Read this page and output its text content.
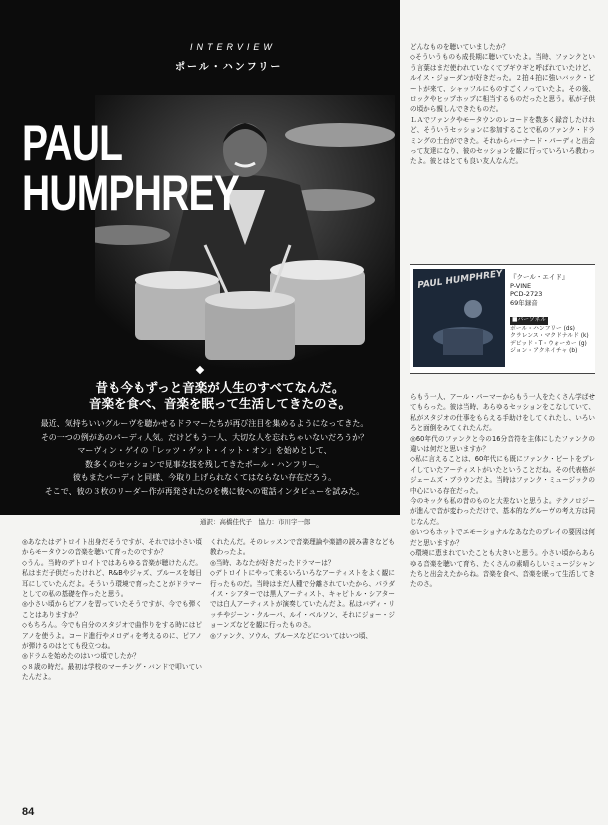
INTERVIEW
ポール・ハンフリー
PAUL
HUMPHREY
昔も今もずっと音楽が人生のすべてなんだ。
音楽を食べ、音楽を眠って生活してきたのさ。
最近、気持ちいいグルーヴを聴かせるドラマーたちが再び注目を集めるようになってきた。
その一つの例があのパーディ人気。だけどもう一人、大切な人を忘れちゃいないだろうか？
マーヴィン・ゲイの「レッツ・ゲット・イット・オン」を始めとして、
数多くのセッションで見事な技を残してきたポール・ハンフリー。
彼もまたパーディと同様、今取り上げられなくてはならない存在だろう。
そこで、彼の３枚のリーダー作が再発されたのを機に彼への電話インタビューを試みた。
通訳：高橋佳代子　協力：市川宇一郎

◎あなたはデトロイト出身だそうですが、それでは小さい頃からモータウンの音楽を聴いて育ったのですか？

◇うん。当時のデトロイトではあらゆる音楽が聴けたんだ。私はまだ子供だったけれど、R&Bやジャズ、ブルースを毎日耳にしていたんだよ。そういう環境で育ったことがドラマーとしての私の基礎を作ったと思う。

◎小さい頃からピアノを習っていたそうですが、今でも弾くことはありますか？

◇もちろん。今でも自分のスタジオで曲作りをする時にはピアノを使うよ。コード進行やメロディを考えるのに、ピアノが弾けるのはとても役立つね。

◎ドラムを始めたのはいつ頃でしたか？

◇８歳の時だ。最初は学校のマーチング・バンドで叩いていたんだよ。

くれたんだ。そのレッスンで音楽理論や楽譜の読み書きなども教わったよ。

◎当時、あなたが好きだったドラマーは？

◇デトロイトにやって来るいろいろなアーティストをよく観に行ったものだ。当時はまだ人種で分離されていたから、パラダイス・シアターでは黒人アーティスト、キャピトル・シアターでは白人アーティストが演奏していたんだよ。私はバディ・リッチやジーン・クルーパ、ルイ・ベルソン、それにジョー・ジョーンズなどを観に行ったものさ。

◎ファンク、ソウル、ブルースなどについてはいつ頃、

どんなものを聴いていましたか？

◇そういうものも成長期に聴いていたよ。当時、ファンクという言葉はまだ使われていなくてブギウギと呼ばれていたけど、ルイス・ジョーダンが好きだった。２拍４拍に強いバック・ビートが来て、シャッフルにものすごくノっていたよ。その後、ロックやヒップホップに相当するものだったと思う。私が子供の頃から親しんできたものだ。

ＬＡでファンクやモータウンのレコードを数多く録音したけれど、そういうセッションに参加することで私のファンク・ドラミングの土台ができた。それからバーナード・パーディと出会って友達になり、彼のセッションを観に行っていろいろ教わったよ。彼とはとても良い友人なんだ。

PAUL HUMPHREY 『クール・エイド』
P-VINE
PCD-2723
69年録音
■パーソネル
ポール・ハンフリー (ds)
クラレンス・マクドナルド (k)
デビッド・T・ウォーカー (g)
ジョン・アクネイチャ (b)

らもう一人、アール・パーマーからもう一人をたくさん学ばせてもらった。彼は当時、あらゆるセッションをこなしていて、私がスタジオの仕事をもらえる手助けをしてくれたし、いろいろと面倒をみてくれたんだ。

◎60年代のファンクと今の16分音符を主体にしたファンクの違いは何だと思いますか？

◇私に言えることは、60年代にも既にファンク・ビートをプレイしていたアーティストがいたということだね。その代表格がジェームズ・ブラウンだよ。当時はファンク・ミュージックの中心にいる存在だった。

今のキックも私の昔のものと大差ないと思うよ。テクノロジーが進んで音が変わっただけで、基本的なグルーヴの考え方は同じなんだ。

◎いつもホットでエモーショナルなあなたのプレイの要因は何だと思いますか？

◇環境に恵まれていたことも大きいと思う。小さい頃からあらゆる音楽を聴いて育ち、たくさんの素晴らしいミュージシャンたちと出会えたからね。音楽を食べ、音楽を眠って生活してきたのさ。

84
